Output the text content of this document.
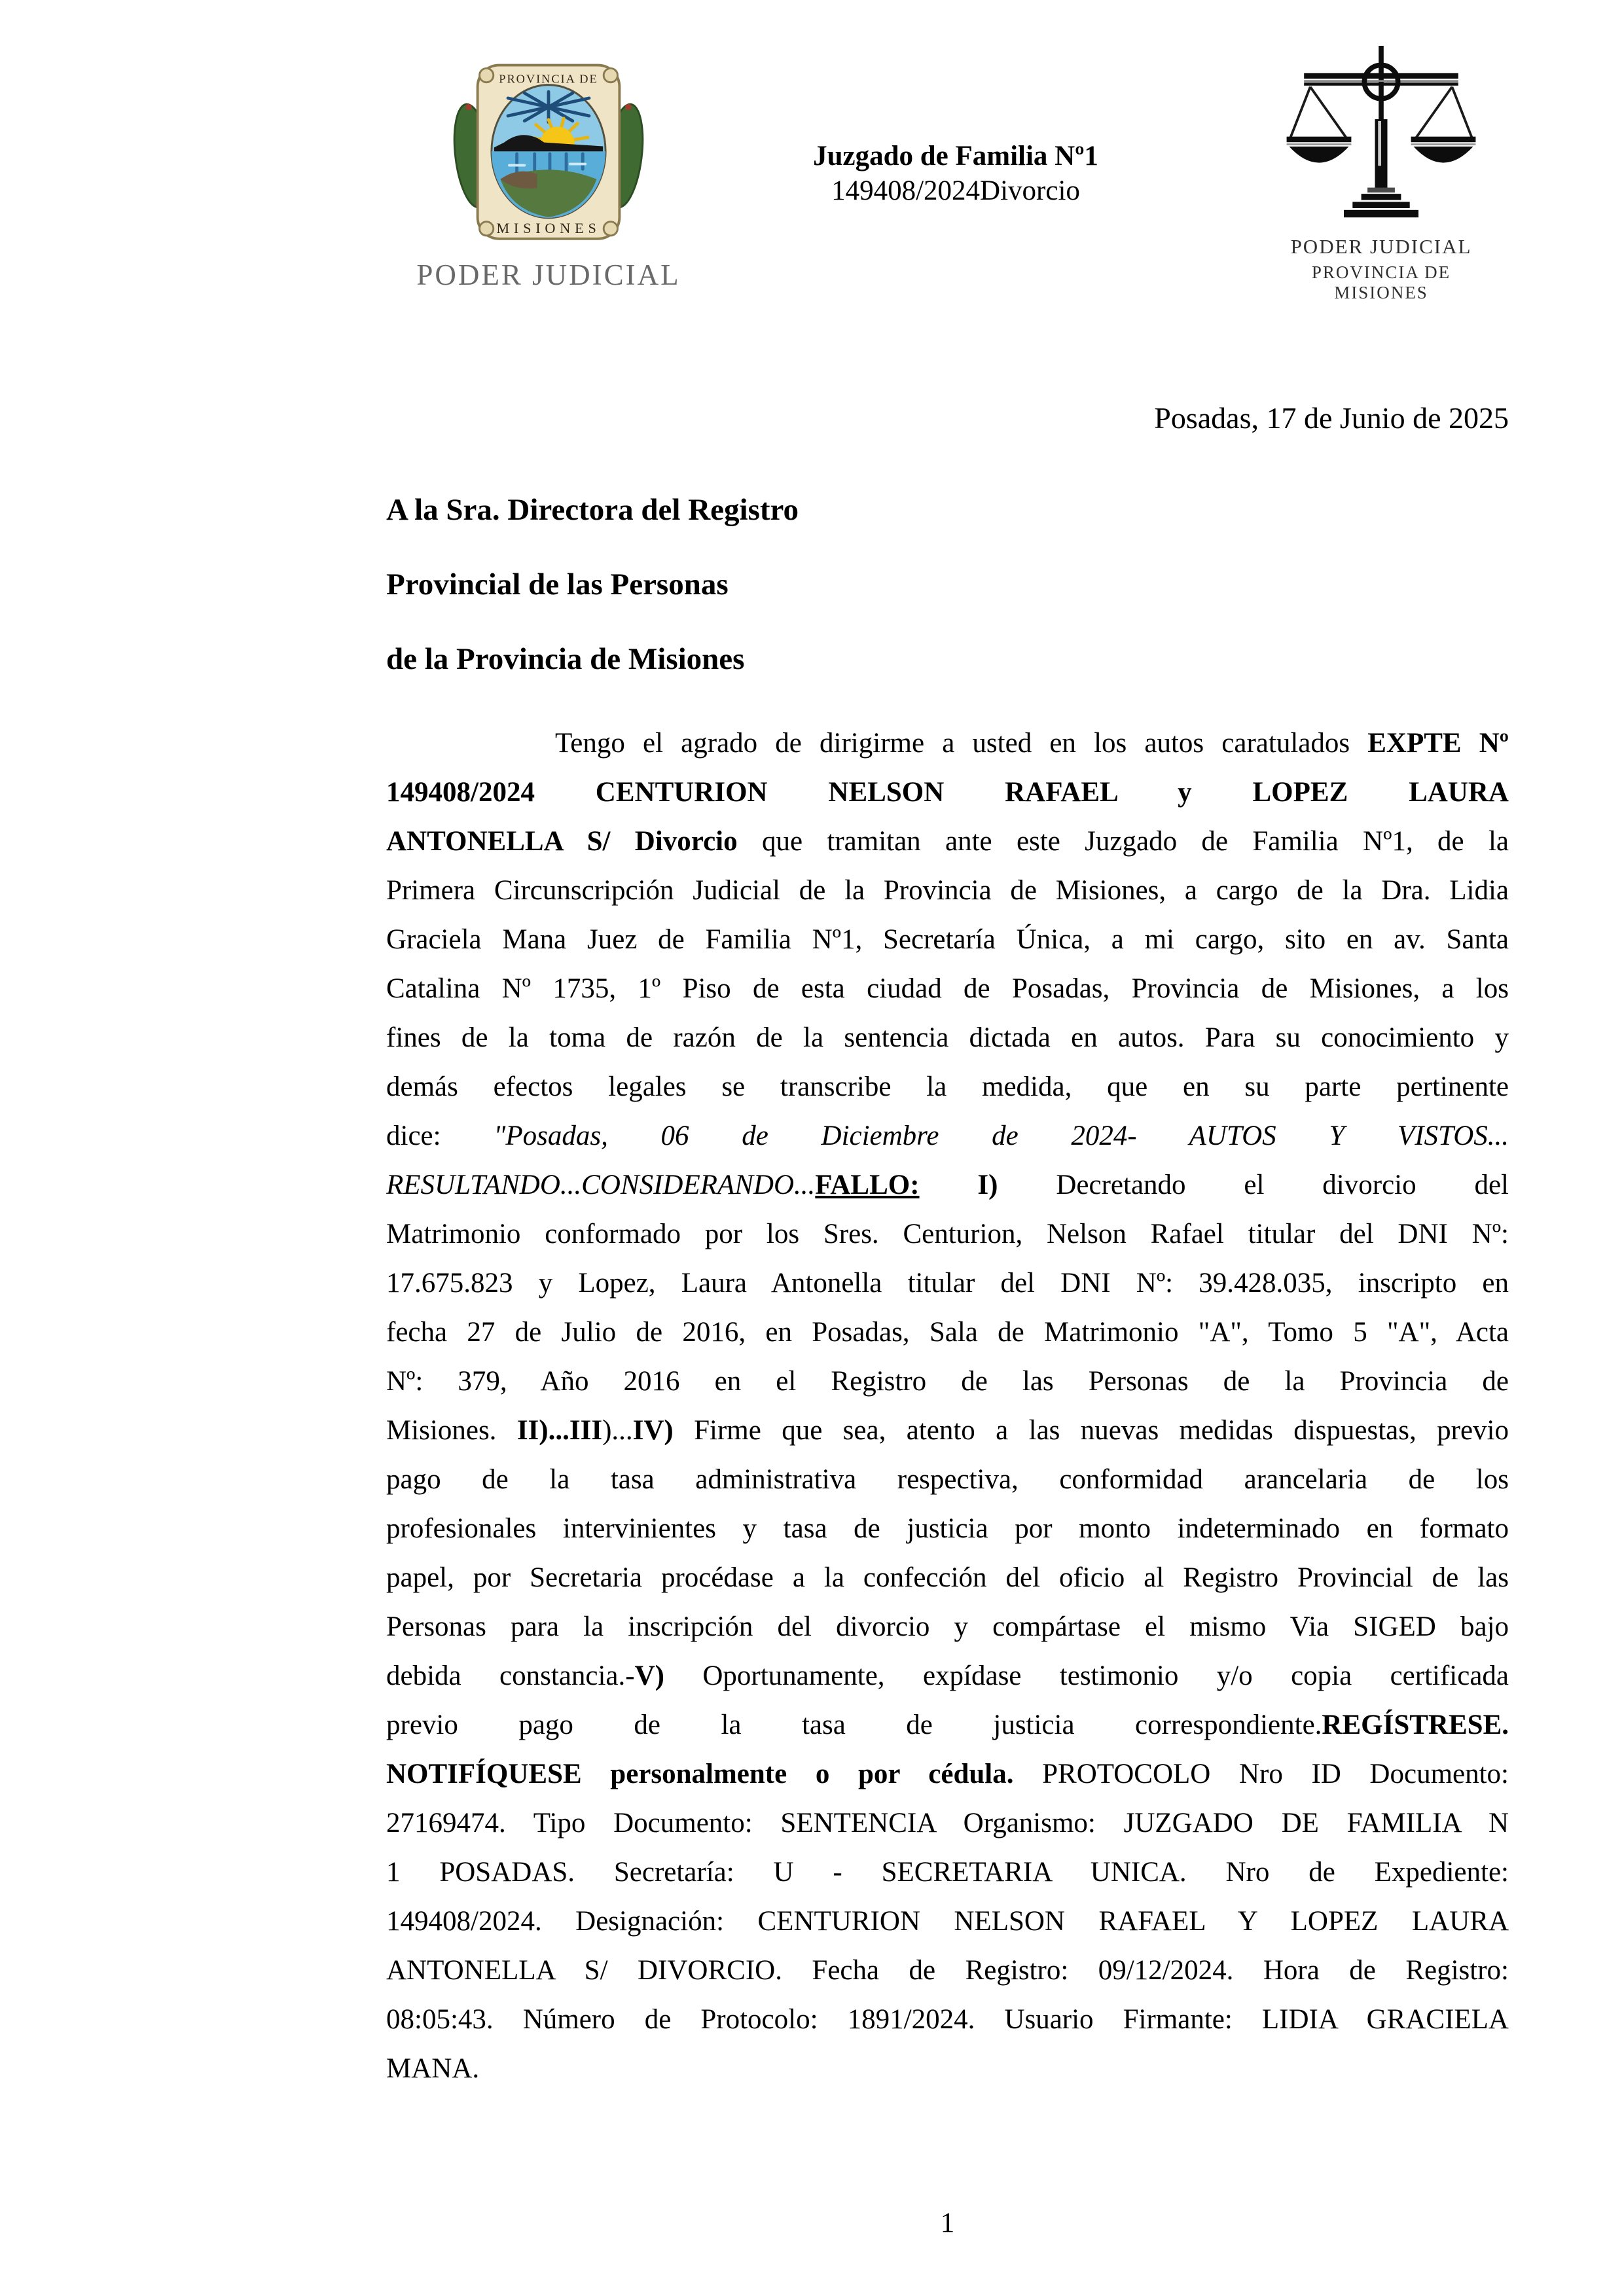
PROVINCIA DE
MISIONES
PODER JUDICIAL
Juzgado de Familia Nº1
149408/2024Divorcio
PODER JUDICIAL
PROVINCIA DE MISIONES
Posadas, 17 de Junio de 2025
A la Sra. Directora del Registro
Provincial de las Personas
de la Provincia de Misiones
Tengo el agrado de dirigirme a usted en los autos caratulados EXPTE Nº
149408/2024 CENTURION NELSON RAFAEL y LOPEZ LAURA
ANTONELLA S/ Divorcio que tramitan ante este Juzgado de Familia Nº1, de la
Primera Circunscripción Judicial de la Provincia de Misiones, a cargo de la Dra. Lidia
Graciela Mana Juez de Familia Nº1, Secretaría Única, a mi cargo, sito en av. Santa
Catalina Nº 1735, 1º Piso de esta ciudad de Posadas, Provincia de Misiones, a los
fines de la toma de razón de la sentencia dictada en autos. Para su conocimiento y
demás efectos legales se transcribe la medida, que en su parte pertinente
dice: "Posadas, 06 de Diciembre de 2024- AUTOS Y VISTOS...
RESULTANDO...CONSIDERANDO...FALLO: I) Decretando el divorcio del
Matrimonio conformado por los Sres. Centurion, Nelson Rafael titular del DNI Nº:
17.675.823 y Lopez, Laura Antonella titular del DNI Nº: 39.428.035, inscripto en
fecha 27 de Julio de 2016, en Posadas, Sala de Matrimonio "A", Tomo 5 "A", Acta
Nº: 379, Año 2016 en el Registro de las Personas de la Provincia de
Misiones. II)...III)...IV) Firme que sea, atento a las nuevas medidas dispuestas, previo
pago de la tasa administrativa respectiva, conformidad arancelaria de los
profesionales intervinientes y tasa de justicia por monto indeterminado en formato
papel, por Secretaria procédase a la confección del oficio al Registro Provincial de las
Personas para la inscripción del divorcio y compártase el mismo Via SIGED bajo
debida constancia.-V) Oportunamente, expídase testimonio y/o copia certificada
previo pago de la tasa de justicia correspondiente.REGÍSTRESE.
NOTIFÍQUESE personalmente o por cédula. PROTOCOLO Nro ID Documento:
27169474. Tipo Documento: SENTENCIA Organismo: JUZGADO DE FAMILIA N
1 POSADAS. Secretaría: U - SECRETARIA UNICA. Nro de Expediente:
149408/2024. Designación: CENTURION NELSON RAFAEL Y LOPEZ LAURA
ANTONELLA S/ DIVORCIO. Fecha de Registro: 09/12/2024. Hora de Registro:
08:05:43. Número de Protocolo: 1891/2024. Usuario Firmante: LIDIA GRACIELA
MANA.
1
